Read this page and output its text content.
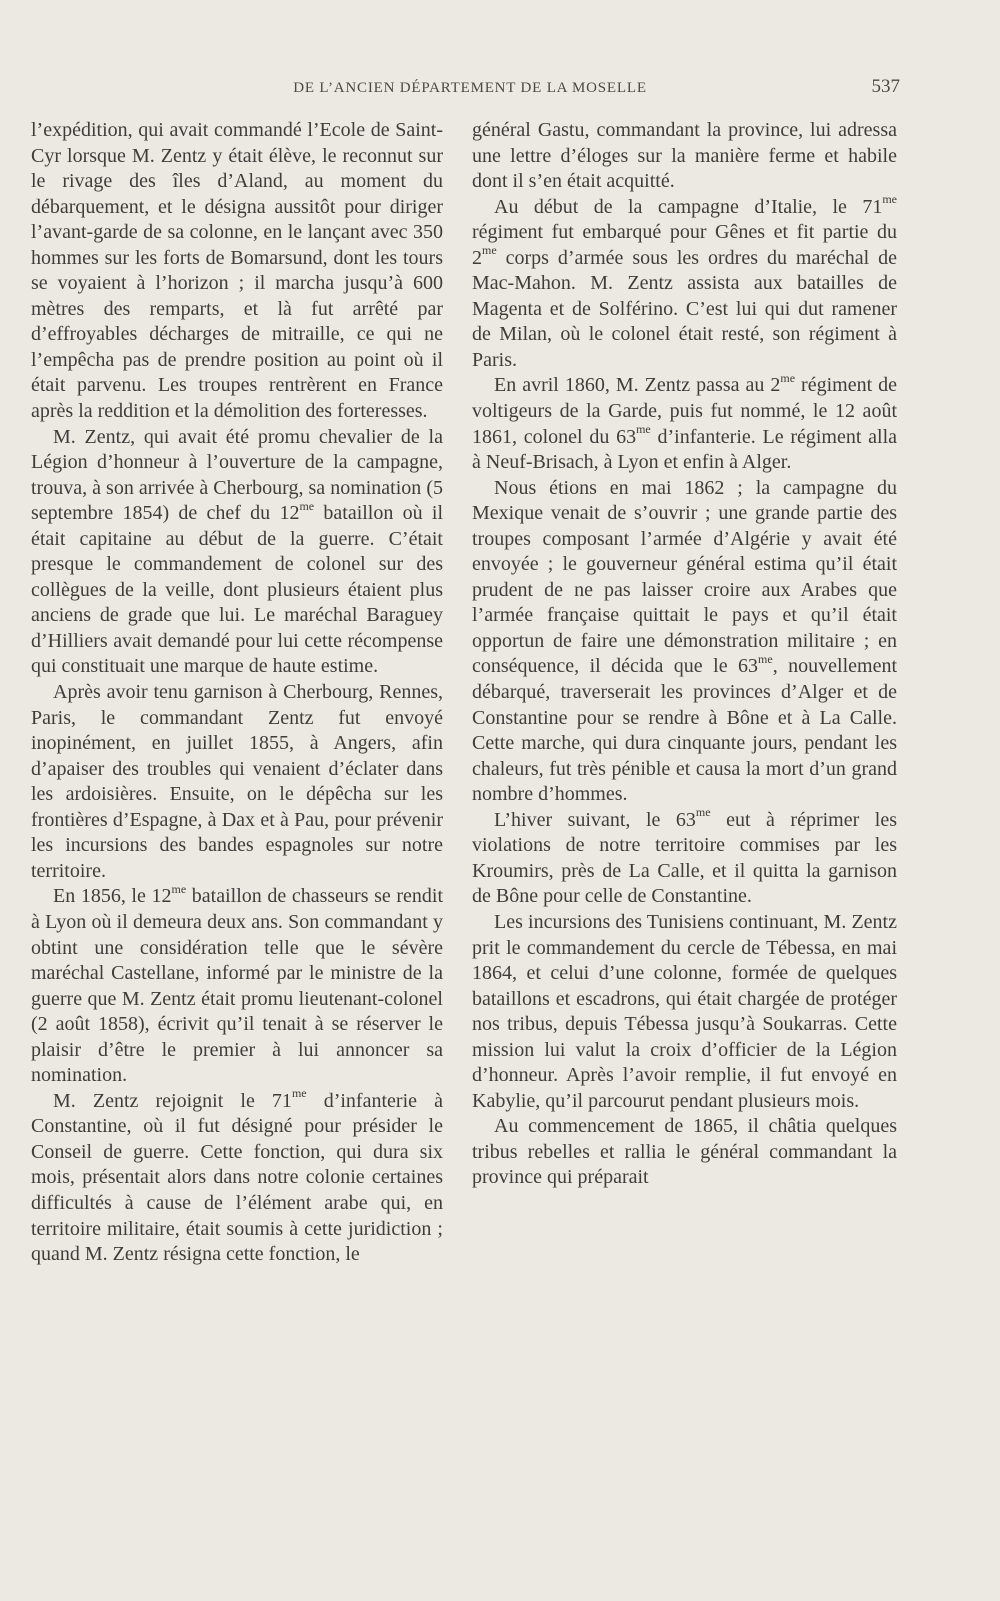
DE L’ANCIEN DÉPARTEMENT DE LA MOSELLE	537

l’expédition, qui avait commandé l’Ecole de Saint-Cyr lorsque M. Zentz y était élève, le reconnut sur le rivage des îles d’Aland, au moment du débarquement, et le désigna aussitôt pour diriger l’avant-garde de sa colonne, en le lançant avec 350 hommes sur les forts de Bomarsund, dont les tours se voyaient à l’horizon ; il marcha jusqu’à 600 mètres des remparts, et là fut arrêté par d’effroyables décharges de mitraille, ce qui ne l’empêcha pas de prendre position au point où il était parvenu. Les troupes rentrèrent en France après la reddition et la démolition des forteresses.

M. Zentz, qui avait été promu chevalier de la Légion d’honneur à l’ouverture de la campagne, trouva, à son arrivée à Cherbourg, sa nomination (5 septembre 1854) de chef du $12^{me}$ bataillon où il était capitaine au début de la guerre. C’était presque le commandement de colonel sur des collègues de la veille, dont plusieurs étaient plus anciens de grade que lui. Le maréchal Baraguey d’Hilliers avait demandé pour lui cette récompense qui constituait une marque de haute estime.

Après avoir tenu garnison à Cherbourg, Rennes, Paris, le commandant Zentz fut envoyé inopinément, en juillet 1855, à Angers, afin d’apaiser des troubles qui venaient d’éclater dans les ardoisières. Ensuite, on le dépêcha sur les frontières d’Espagne, à Dax et à Pau, pour prévenir les incursions des bandes espagnoles sur notre territoire.

En 1856, le $12^{me}$ bataillon de chasseurs se rendit à Lyon où il demeura deux ans. Son commandant y obtint une considération telle que le sévère maréchal Castellane, informé par le ministre de la guerre que M. Zentz était promu lieutenant-colonel (2 août 1858), écrivit qu’il tenait à se réserver le plaisir d’être le premier à lui annoncer sa nomination.

M. Zentz rejoignit le $71^{me}$ d’infanterie à Constantine, où il fut désigné pour présider le Conseil de guerre. Cette fonction, qui dura six mois, présentait alors dans notre colonie certaines difficultés à cause de l’élément arabe qui, en territoire militaire, était soumis à cette juridiction ; quand M. Zentz résigna cette fonction, le

général Gastu, commandant la province, lui adressa une lettre d’éloges sur la manière ferme et habile dont il s’en était acquitté.

Au début de la campagne d’Italie, le $71^{me}$ régiment fut embarqué pour Gênes et fit partie du $2^{me}$ corps d’armée sous les ordres du maréchal de Mac-Mahon. M. Zentz assista aux batailles de Magenta et de Solférino. C’est lui qui dut ramener de Milan, où le colonel était resté, son régiment à Paris.

En avril 1860, M. Zentz passa au $2^{me}$ régiment de voltigeurs de la Garde, puis fut nommé, le 12 août 1861, colonel du $63^{me}$ d’infanterie. Le régiment alla à Neuf-Brisach, à Lyon et enfin à Alger.

Nous étions en mai 1862 ; la campagne du Mexique venait de s’ouvrir ; une grande partie des troupes composant l’armée d’Algérie y avait été envoyée ; le gouverneur général estima qu’il était prudent de ne pas laisser croire aux Arabes que l’armée française quittait le pays et qu’il était opportun de faire une démonstration militaire ; en conséquence, il décida que le $63^{me}$, nouvellement débarqué, traverserait les provinces d’Alger et de Constantine pour se rendre à Bône et à La Calle. Cette marche, qui dura cinquante jours, pendant les chaleurs, fut très pénible et causa la mort d’un grand nombre d’hommes.

L’hiver suivant, le $63^{me}$ eut à réprimer les violations de notre territoire commises par les Kroumirs, près de La Calle, et il quitta la garnison de Bône pour celle de Constantine.

Les incursions des Tunisiens continuant, M. Zentz prit le commandement du cercle de Tébessa, en mai 1864, et celui d’une colonne, formée de quelques bataillons et escadrons, qui était chargée de protéger nos tribus, depuis Tébessa jusqu’à Soukarras. Cette mission lui valut la croix d’officier de la Légion d’honneur. Après l’avoir remplie, il fut envoyé en Kabylie, qu’il parcourut pendant plusieurs mois.

Au commencement de 1865, il châtia quelques tribus rebelles et rallia le général commandant la province qui préparait
